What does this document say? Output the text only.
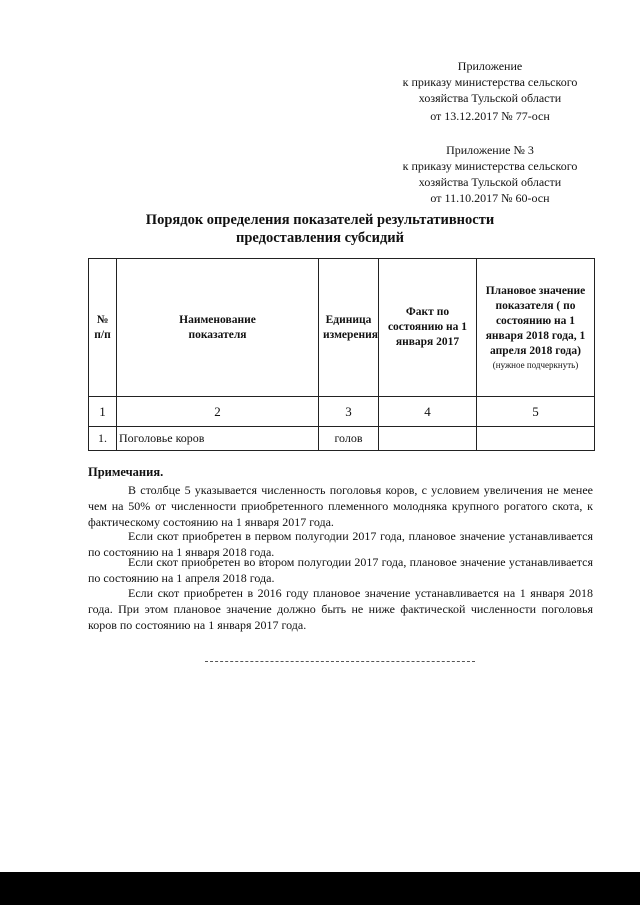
Приложение
к приказу министерства сельского
хозяйства Тульской области
от 13.12.2017 № 77-осн
Приложение № 3
к приказу министерства сельского
хозяйства Тульской области
от 11.10.2017 № 60-осн
Порядок определения показателей результативности
предоставления субсидий
№ п/п	Наименование показателя	Единица измерения	Факт по состоянию на 1 января 2017	Плановое значение показателя ( по состоянию на 1 января 2018 года, 1 апреля 2018 года)
(нужное подчеркнуть)

1	2	3	4	5
1.	Поголовье коров	голов		
Примечания.
В столбце 5 указывается численность поголовья коров, с условием увеличения не менее чем на 50% от численности приобретенного племенного молодняка крупного рогатого скота, к фактическому состоянию на 1 января 2017 года.
Если скот приобретен в первом полугодии 2017 года, плановое значение устанавливается по состоянию на 1 января 2018 года.
Если скот приобретен во втором полугодии 2017 года, плановое значение устанавливается по состоянию на 1 апреля 2018 года.
Если скот приобретен в 2016 году плановое значение устанавливается на 1 января 2018 года. При этом плановое значение должно быть не ниже фактической численности поголовья коров по состоянию на 1 января 2017 года.
